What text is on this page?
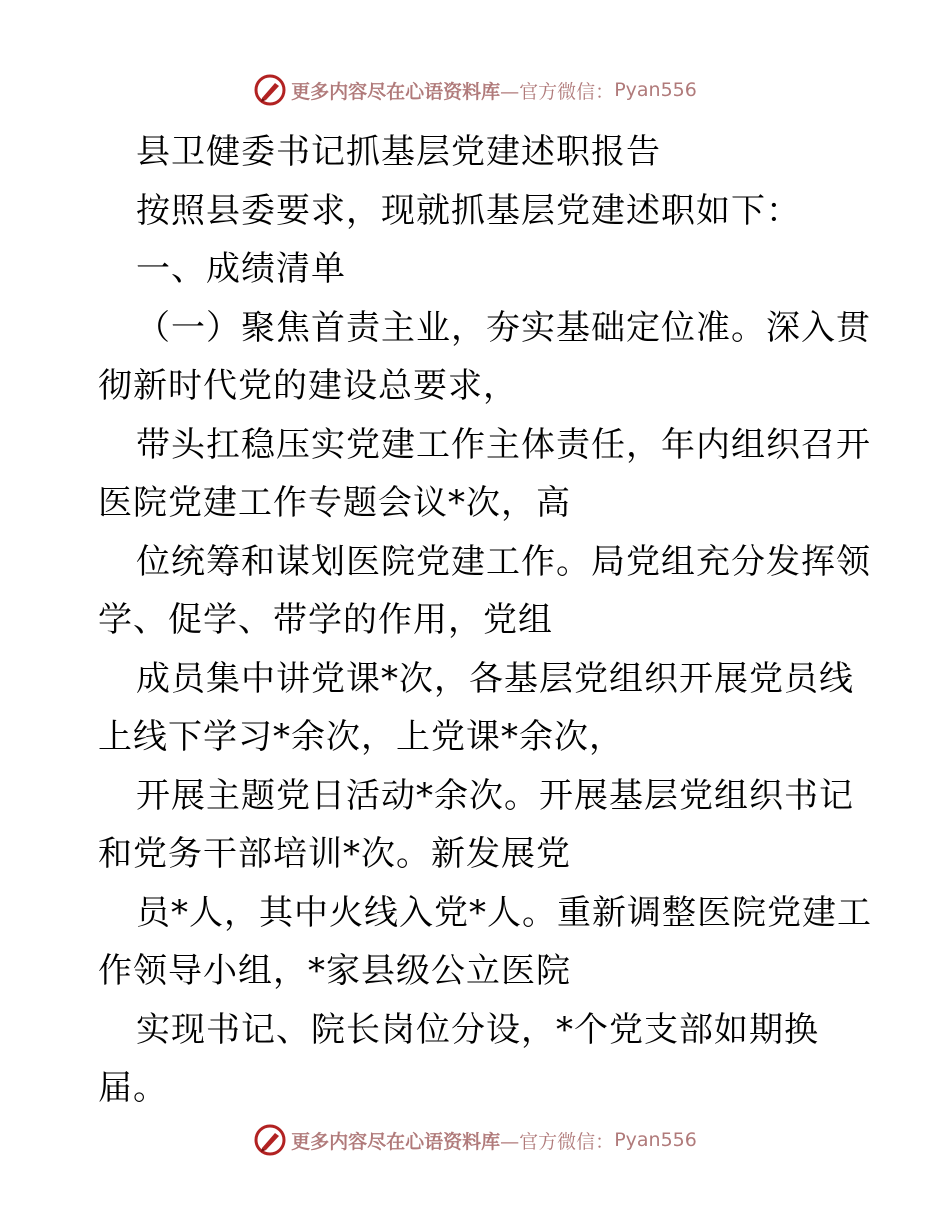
更多内容尽在心语资料库 —官方微信： Pyan556
县卫健委书记抓基层党建述职报告
按照县委要求，现就抓基层党建述职如下：
一、成绩清单
（一）聚焦首责主业，夯实基础定位准。深入贯
彻新时代党的建设总要求，
带头扛稳压实党建工作主体责任，年内组织召开
医院党建工作专题会议*次，高
位统筹和谋划医院党建工作。局党组充分发挥领
学、促学、带学的作用，党组
成员集中讲党课*次，各基层党组织开展党员线
上线下学习*余次，上党课*余次，
开展主题党日活动*余次。开展基层党组织书记
和党务干部培训*次。新发展党
员*人，其中火线入党*人。重新调整医院党建工
作领导小组，*家县级公立医院
实现书记、院长岗位分设，*个党支部如期换
届。
更多内容尽在心语资料库 —官方微信： Pyan556
